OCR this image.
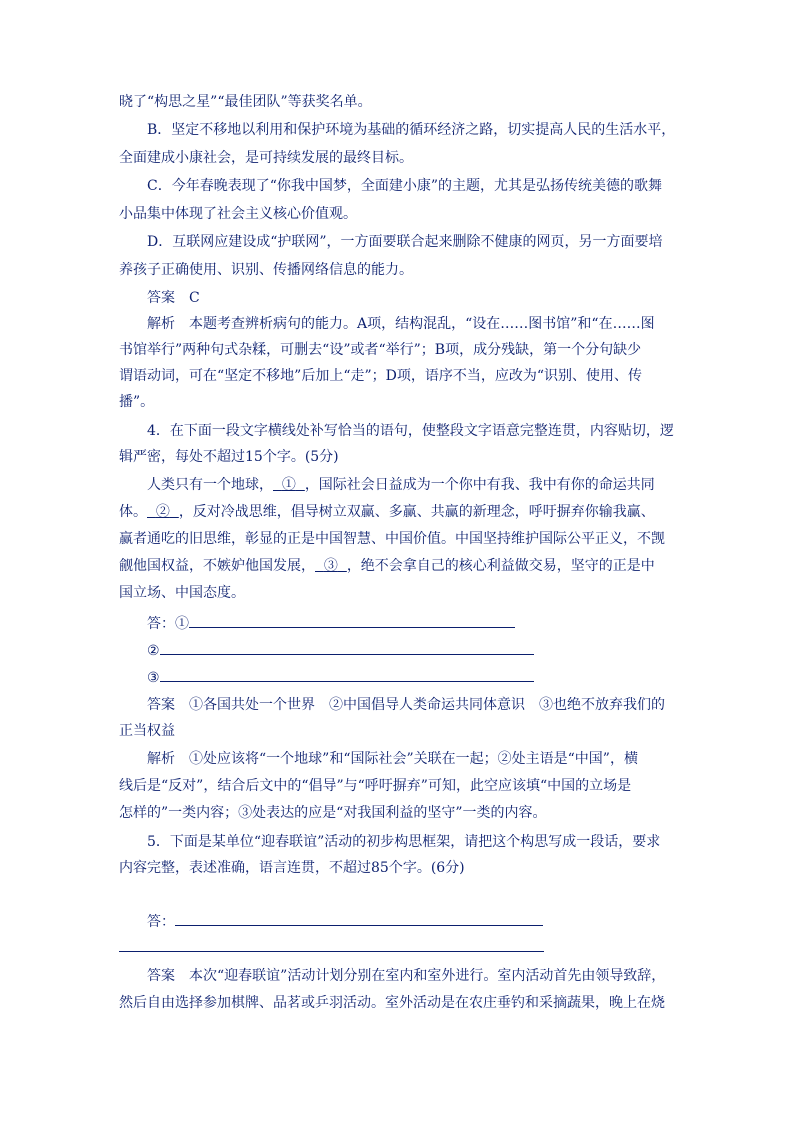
晓了“构思之星”“最佳团队”等获奖名单。
B．坚定不移地以利用和保护环境为基础的循环经济之路，切实提高人民的生活水平，
全面建成小康社会，是可持续发展的最终目标。
C．今年春晚表现了“你我中国梦，全面建小康”的主题，尤其是弘扬传统美德的歌舞
小品集中体现了社会主义核心价值观。
D．互联网应建设成“护联网”，一方面要联合起来删除不健康的网页，另一方面要培
养孩子正确使用、识别、传播网络信息的能力。
答案　C
解析　本题考查辨析病句的能力。A项，结构混乱，“设在……图书馆”和“在……图
书馆举行”两种句式杂糅，可删去“设”或者“举行”；B项，成分残缺，第一个分句缺少
谓语动词，可在“坚定不移地”后加上“走”；D项，语序不当，应改为“识别、使用、传
播”。
4．在下面一段文字横线处补写恰当的语句，使整段文字语意完整连贯，内容贴切，逻
辑严密，每处不超过15个字。(5分)
人类只有一个地球， ① ，国际社会日益成为一个你中有我、我中有你的命运共同
体。 ② ，反对冷战思维，倡导树立双赢、多赢、共赢的新理念，呼吁摒弃你输我赢、
赢者通吃的旧思维，彰显的正是中国智慧、中国价值。中国坚持维护国际公平正义，不觊
觎他国权益，不嫉妒他国发展， ③ ，绝不会拿自己的核心利益做交易，坚守的正是中
国立场、中国态度。
答：①
②
③
答案　①各国共处一个世界　②中国倡导人类命运共同体意识　③也绝不放弃我们的
正当权益
解析　①处应该将“一个地球”和“国际社会”关联在一起；②处主语是“中国”，横
线后是“反对”，结合后文中的“倡导”与“呼吁摒弃”可知，此空应该填“中国的立场是
怎样的”一类内容；③处表达的应是“对我国利益的坚守”一类的内容。
5．下面是某单位“迎春联谊”活动的初步构思框架，请把这个构思写成一段话，要求
内容完整，表述准确，语言连贯，不超过85个字。(6分)
答：
答案　本次“迎春联谊”活动计划分别在室内和室外进行。室内活动首先由领导致辞，
然后自由选择参加棋牌、品茗或乒羽活动。室外活动是在农庄垂钓和采摘蔬果，晚上在烧
